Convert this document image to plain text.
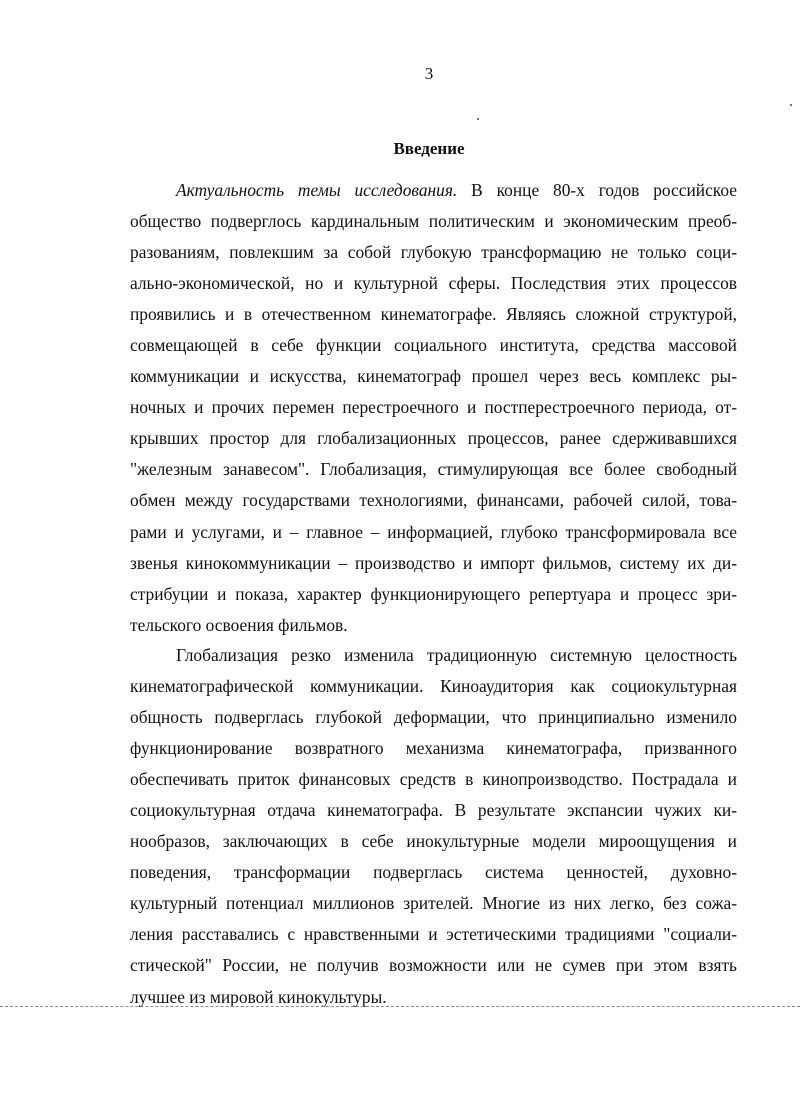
3
Введение
Актуальность темы исследования. В конце 80-х годов российское
общество подверглось кардинальным политическим и экономическим преоб-
разованиям, повлекшим за собой глубокую трансформацию не только соци-
ально-экономической, но и культурной сферы. Последствия этих процессов
проявились и в отечественном кинематографе. Являясь сложной структурой,
совмещающей в себе функции социального института, средства массовой
коммуникации и искусства, кинематограф прошел через весь комплекс ры-
ночных и прочих перемен перестроечного и постперестроечного периода, от-
крывших простор для глобализационных процессов, ранее сдерживавшихся
"железным занавесом". Глобализация, стимулирующая все более свободный
обмен между государствами технологиями, финансами, рабочей силой, това-
рами и услугами, и – главное – информацией, глубоко трансформировала все
звенья кинокоммуникации – производство и импорт фильмов, систему их ди-
стрибуции и показа, характер функционирующего репертуара и процесс зри-
тельского освоения фильмов.
Глобализация резко изменила традиционную системную целостность
кинематографической коммуникации. Киноаудитория как социокультурная
общность подверглась глубокой деформации, что принципиально изменило
функционирование возвратного механизма кинематографа, призванного
обеспечивать приток финансовых средств в кинопроизводство. Пострадала и
социокультурная отдача кинематографа. В результате экспансии чужих ки-
нообразов, заключающих в себе инокультурные модели мироощущения и
поведения, трансформации подверглась система ценностей, духовно-
культурный потенциал миллионов зрителей. Многие из них легко, без сожа-
ления расставались с нравственными и эстетическими традициями "социали-
стической" России, не получив возможности или не сумев при этом взять
лучшее из мировой кинокультуры.
